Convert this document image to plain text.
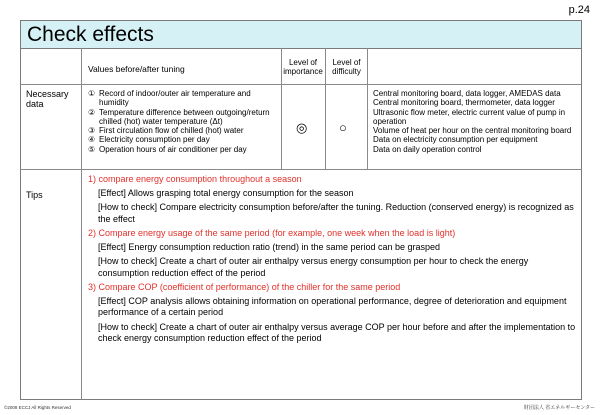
p.24
Check effects
Values before/after tuning
Level of importance
Level of difficulty
Necessary data
① Record of indoor/outer air temperature and humidity
② Temperature difference between outgoing/return chilled (hot) water temperature (Δt)
③ First circulation flow of chilled (hot) water
④ Electricity consumption per day
⑤ Operation hours of air conditioner per day
◎ ○
Central monitoring board, data logger, AMEDAS data
Central monitoring board, thermometer, data logger
Ultrasonic flow meter, electric current value of pump in operation
Volume of heat per hour on the central monitoring board
Data on electricity consumption per equipment
Data on daily operation control
Tips
1) compare energy consumption throughout a season
[Effect] Allows grasping total energy consumption for the season
[How to check] Compare electricity consumption before/after the tuning. Reduction (conserved energy) is recognized as the effect
2) Compare energy usage of the same period (for example, one week when the load is light)
[Effect] Energy consumption reduction ratio (trend) in the same period can be grasped
[How to check] Create a chart of outer air enthalpy versus energy consumption per hour to check the energy consumption reduction effect of the period
3) Compare COP (coefficient of performance) of the chiller for the same period
[Effect] COP analysis allows obtaining information on operational performance, degree of deterioration and equipment performance of a certain period
[How to check] Create a chart of outer air enthalpy versus average COP per hour before and after the implementation to check energy consumption reduction effect of the period
©2008 ECCJ All Rights Reserved	財団法人 省エネルギーセンター
